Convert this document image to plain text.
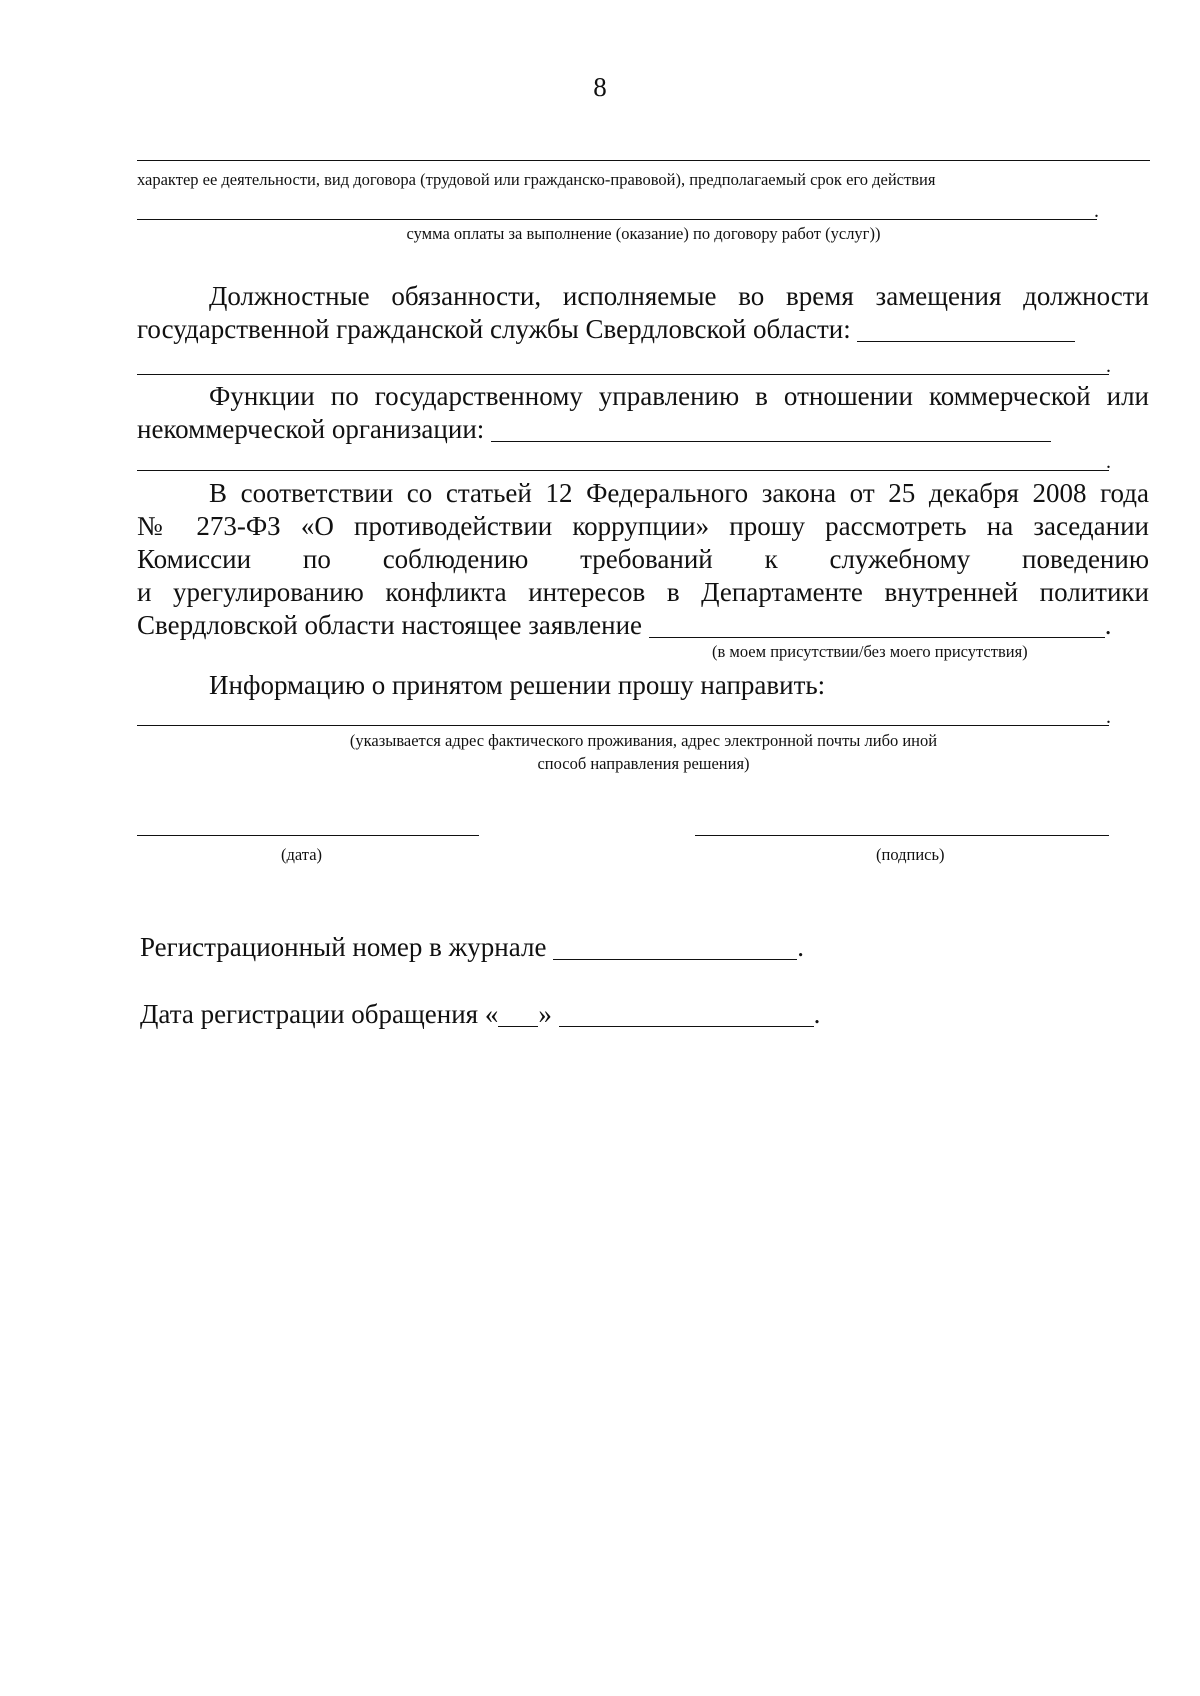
8
характер ее деятельности, вид договора (трудовой или гражданско-правовой), предполагаемый срок его действия
.
сумма оплаты за выполнение (оказание) по договору работ (услуг))
Должностные обязанности, исполняемые во время замещения должности
государственной гражданской службы Свердловской области:
.
Функции по государственному управлению в отношении коммерческой или
некоммерческой организации:
.
В соответствии со статьей 12 Федерального закона от 25 декабря 2008 года
№ 273-ФЗ «О противодействии коррупции» прошу рассмотреть на заседании
Комиссии по соблюдению требований к служебному поведению
и урегулированию конфликта интересов в Департаменте внутренней политики
Свердловской области настоящее заявление	.
(в моем присутствии/без моего присутствия)
Информацию о принятом решении прошу направить:
.
(указывается адрес фактического проживания, адрес электронной почты либо иной
способ направления решения)
(дата)	(подпись)
Регистрационный номер в журнале	.
Дата регистрации обращения « »	.
